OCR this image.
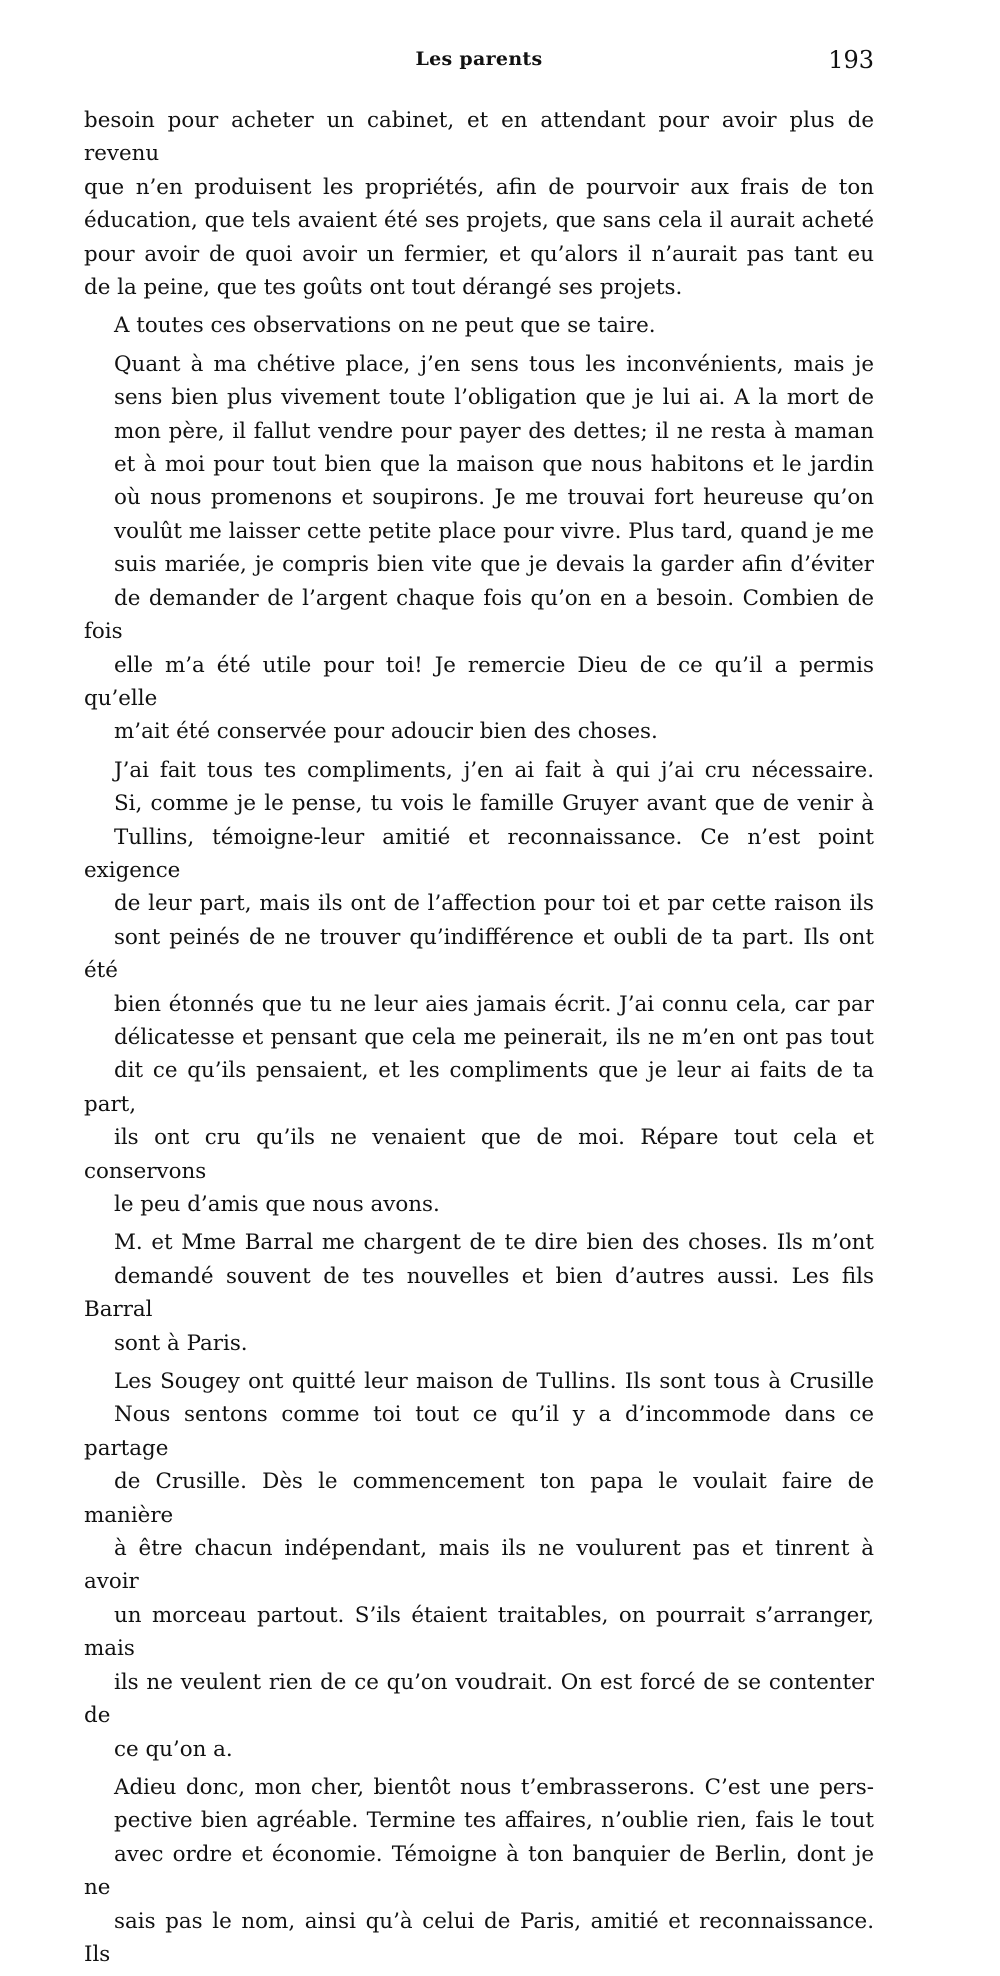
Les parents	193
besoin pour acheter un cabinet, et en attendant pour avoir plus de revenu
que n’en produisent les propriétés, afin de pourvoir aux frais de ton
éducation, que tels avaient été ses projets, que sans cela il aurait acheté
pour avoir de quoi avoir un fermier, et qu’alors il n’aurait pas tant eu
de la peine, que tes goûts ont tout dérangé ses projets.
A toutes ces observations on ne peut que se taire.
Quant à ma chétive place, j’en sens tous les inconvénients, mais je
sens bien plus vivement toute l’obligation que je lui ai. A la mort de
mon père, il fallut vendre pour payer des dettes; il ne resta à maman
et à moi pour tout bien que la maison que nous habitons et le jardin
où nous promenons et soupirons. Je me trouvai fort heureuse qu’on
voulût me laisser cette petite place pour vivre. Plus tard, quand je me
suis mariée, je compris bien vite que je devais la garder afin d’éviter
de demander de l’argent chaque fois qu’on en a besoin. Combien de fois
elle m’a été utile pour toi! Je remercie Dieu de ce qu’il a permis qu’elle
m’ait été conservée pour adoucir bien des choses.
J’ai fait tous tes compliments, j’en ai fait à qui j’ai cru nécessaire.
Si, comme je le pense, tu vois le famille Gruyer avant que de venir à
Tullins, témoigne-leur amitié et reconnaissance. Ce n’est point exigence
de leur part, mais ils ont de l’affection pour toi et par cette raison ils
sont peinés de ne trouver qu’indifférence et oubli de ta part. Ils ont été
bien étonnés que tu ne leur aies jamais écrit. J’ai connu cela, car par
délicatesse et pensant que cela me peinerait, ils ne m’en ont pas tout
dit ce qu’ils pensaient, et les compliments que je leur ai faits de ta part,
ils ont cru qu’ils ne venaient que de moi. Répare tout cela et conservons
le peu d’amis que nous avons.
M. et Mme Barral me chargent de te dire bien des choses. Ils m’ont
demandé souvent de tes nouvelles et bien d’autres aussi. Les fils Barral
sont à Paris.
Les Sougey ont quitté leur maison de Tullins. Ils sont tous à Crusille
Nous sentons comme toi tout ce qu’il y a d’incommode dans ce partage
de Crusille. Dès le commencement ton papa le voulait faire de manière
à être chacun indépendant, mais ils ne voulurent pas et tinrent à avoir
un morceau partout. S’ils étaient traitables, on pourrait s’arranger, mais
ils ne veulent rien de ce qu’on voudrait. On est forcé de se contenter de
ce qu’on a.
Adieu donc, mon cher, bientôt nous t’embrasserons. C’est une pers-
pective bien agréable. Termine tes affaires, n’oublie rien, fais le tout
avec ordre et économie. Témoigne à ton banquier de Berlin, dont je ne
sais pas le nom, ainsi qu’à celui de Paris, amitié et reconnaissance. Ils
